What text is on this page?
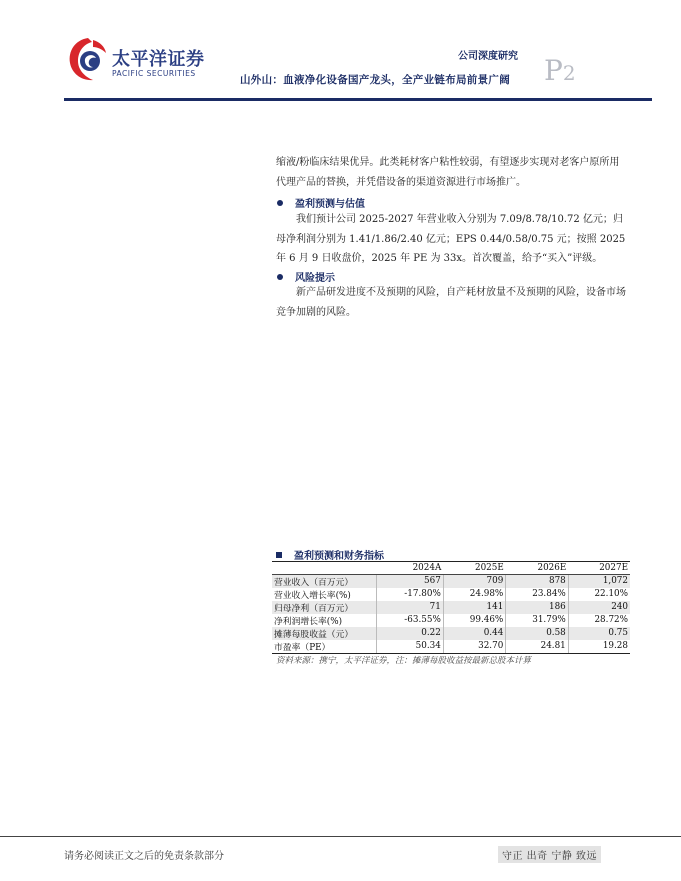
太平洋证券
PACIFIC SECURITIES
公司深度研究
山外山：血液净化设备国产龙头，全产业链布局前景广阔 P2
缩液/粉临床结果优异。此类耗材客户粘性较弱，有望逐步实现对老客户原所用代理产品的替换，并凭借设备的渠道资源进行市场推广。
盈利预测与估值
我们预计公司 2025-2027 年营业收入分别为 7.09/8.78/10.72 亿元；归母净利润分别为 1.41/1.86/2.40 亿元；EPS 0.44/0.58/0.75 元；按照 2025 年 6 月 9 日收盘价，2025 年 PE 为 33x。首次覆盖，给予“买入”评级。
风险提示
新产品研发进度不及预期的风险，自产耗材放量不及预期的风险，设备市场竞争加剧的风险。
盈利预测和财务指标
	2024A	2025E	2026E	2027E
营业收入（百万元）	567	709	878	1,072
营业收入增长率(%)	-17.80%	24.98%	23.84%	22.10%
归母净利（百万元）	71	141	186	240
净利润增长率(%)	-63.55%	99.46%	31.79%	28.72%
摊薄每股收益（元）	0.22	0.44	0.58	0.75
市盈率（PE）	50.34	32.70	24.81	19.28
资料来源：携宁，太平洋证券，注：摊薄每股收益按最新总股本计算
请务必阅读正文之后的免责条款部分	守正 出奇 宁静 致远
